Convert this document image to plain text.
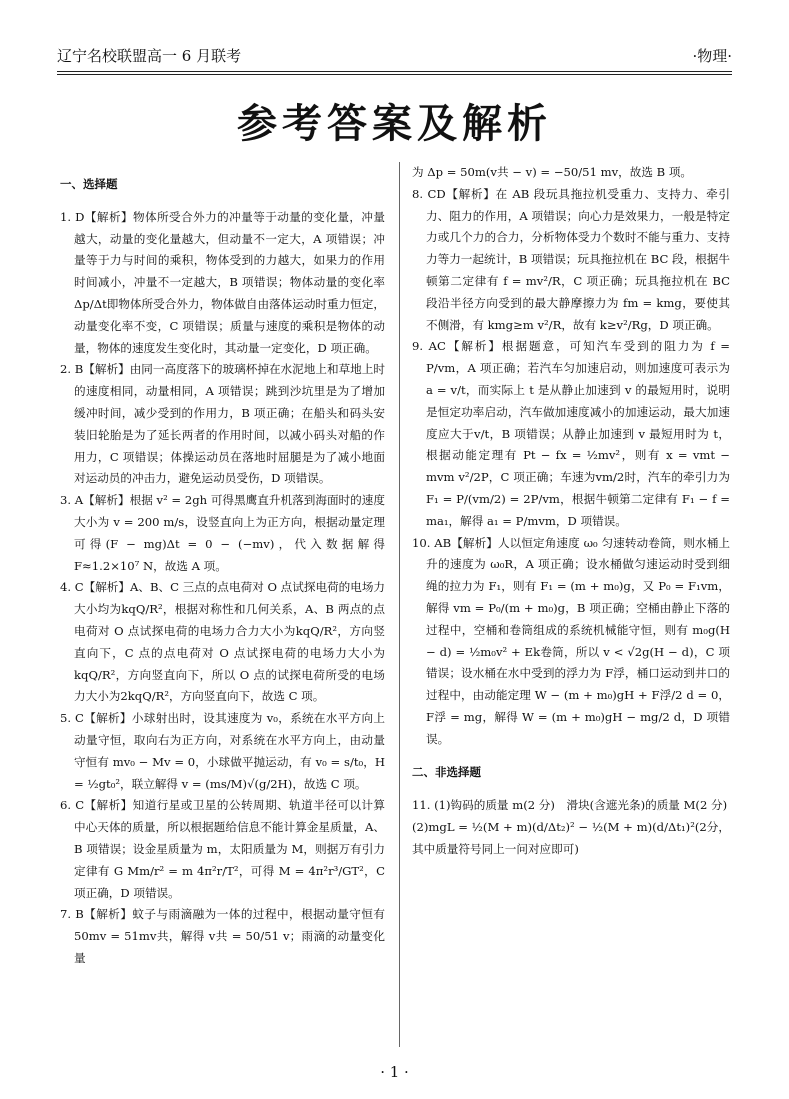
辽宁名校联盟高一 6 月联考	·物理·
参考答案及解析

一、选择题

1. D【解析】物体所受合外力的冲量等于动量的变化量，冲量越大，动量的变化量越大，但动量不一定大，A 项错误；冲量等于力与时间的乘积，物体受到的力越大，如果力的作用时间减小，冲量不一定越大，B 项错误；物体动量的变化率Δp/Δt即物体所受合外力，物体做自由落体运动时重力恒定，动量变化率不变，C 项错误；质量与速度的乘积是物体的动量，物体的速度发生变化时，其动量一定变化，D 项正确。

2. B【解析】由同一高度落下的玻璃杯掉在水泥地上和草地上时的速度相同，动量相同，A 项错误；跳到沙坑里是为了增加缓冲时间，减少受到的作用力，B 项正确；在船头和码头安装旧轮胎是为了延长两者的作用时间，以减小码头对船的作用力，C 项错误；体操运动员在落地时屈腿是为了减小地面对运动员的冲击力，避免运动员受伤，D 项错误。

3. A【解析】根据 v² = 2gh 可得黑鹰直升机落到海面时的速度大小为 v = 200 m/s，设竖直向上为正方向，根据动量定理可得(F − mg)Δt = 0 − (−mv)，代入数据解得 F≈1.2×10⁷ N，故选 A 项。

4. C【解析】A、B、C 三点的点电荷对 O 点试探电荷的电场力大小均为kqQ/R²，根据对称性和几何关系，A、B 两点的点电荷对 O 点试探电荷的电场力合力大小为kqQ/R²，方向竖直向下，C 点的点电荷对 O 点试探电荷的电场力大小为kqQ/R²，方向竖直向下，所以 O 点的试探电荷所受的电场力大小为2kqQ/R²，方向竖直向下，故选 C 项。

5. C【解析】小球射出时，设其速度为 v₀，系统在水平方向上动量守恒，取向右为正方向，对系统在水平方向上，由动量守恒有 mv₀ − Mv = 0，小球做平抛运动，有 v₀ = s/t₀，H = ½gt₀²，联立解得 v = (ms/M)√(g/2H)，故选 C 项。

6. C【解析】知道行星或卫星的公转周期、轨道半径可以计算中心天体的质量，所以根据题给信息不能计算金星质量，A、B 项错误；设金星质量为 m，太阳质量为 M，则据万有引力定律有 G Mm/r² = m 4π²r/T²，可得 M = 4π²r³/GT²，C 项正确，D 项错误。

7. B【解析】蚊子与雨滴融为一体的过程中，根据动量守恒有 50mv = 51mv共，解得 v共 = 50/51 v；雨滴的动量变化量

为 Δp = 50m(v共 − v) = −50/51 mv，故选 B 项。

8. CD【解析】在 AB 段玩具拖拉机受重力、支持力、牵引力、阻力的作用，A 项错误；向心力是效果力，一般是特定力或几个力的合力，分析物体受力个数时不能与重力、支持力等力一起统计，B 项错误；玩具拖拉机在 BC 段，根据牛顿第二定律有 f = mv²/R，C 项正确；玩具拖拉机在 BC 段沿半径方向受到的最大静摩擦力为 fm = kmg，要使其不侧滑，有 kmg≥m v²/R，故有 k≥v²/Rg，D 项正确。

9. AC【解析】根据题意，可知汽车受到的阻力为 f = P/vm，A 项正确；若汽车匀加速启动，则加速度可表示为 a = v/t，而实际上 t 是从静止加速到 v 的最短用时，说明是恒定功率启动，汽车做加速度减小的加速运动，最大加速度应大于v/t，B 项错误；从静止加速到 v 最短用时为 t，根据动能定理有 Pt − fx = ½mv²，则有 x = vmt − mvm v²/2P，C 项正确；车速为vm/2时，汽车的牵引力为 F₁ = P/(vm/2) = 2P/vm，根据牛顿第二定律有 F₁ − f = ma₁，解得 a₁ = P/mvm，D 项错误。

10. AB【解析】人以恒定角速度 ω₀ 匀速转动卷筒，则水桶上升的速度为 ω₀R，A 项正确；设水桶做匀速运动时受到细绳的拉力为 F₁，则有 F₁ = (m + m₀)g，又 P₀ = F₁vm，解得 vm = P₀/(m + m₀)g，B 项正确；空桶由静止下落的过程中，空桶和卷筒组成的系统机械能守恒，则有 m₀g(H − d) = ½m₀v² + Ek卷筒，所以 v < √2g(H − d)，C 项错误；设水桶在水中受到的浮力为 F浮，桶口运动到井口的过程中，由动能定理 W − (m + m₀)gH + F浮/2 d = 0，F浮 = mg，解得 W = (m + m₀)gH − mg/2 d，D 项错误。

二、非选择题

11. (1)钩码的质量 m(2 分)　滑块(含遮光条)的质量 M(2 分)

(2)mgL = ½(M + m)(d/Δt₂)² − ½(M + m)(d/Δt₁)²(2分，其中质量符号同上一问对应即可)

· 1 ·
